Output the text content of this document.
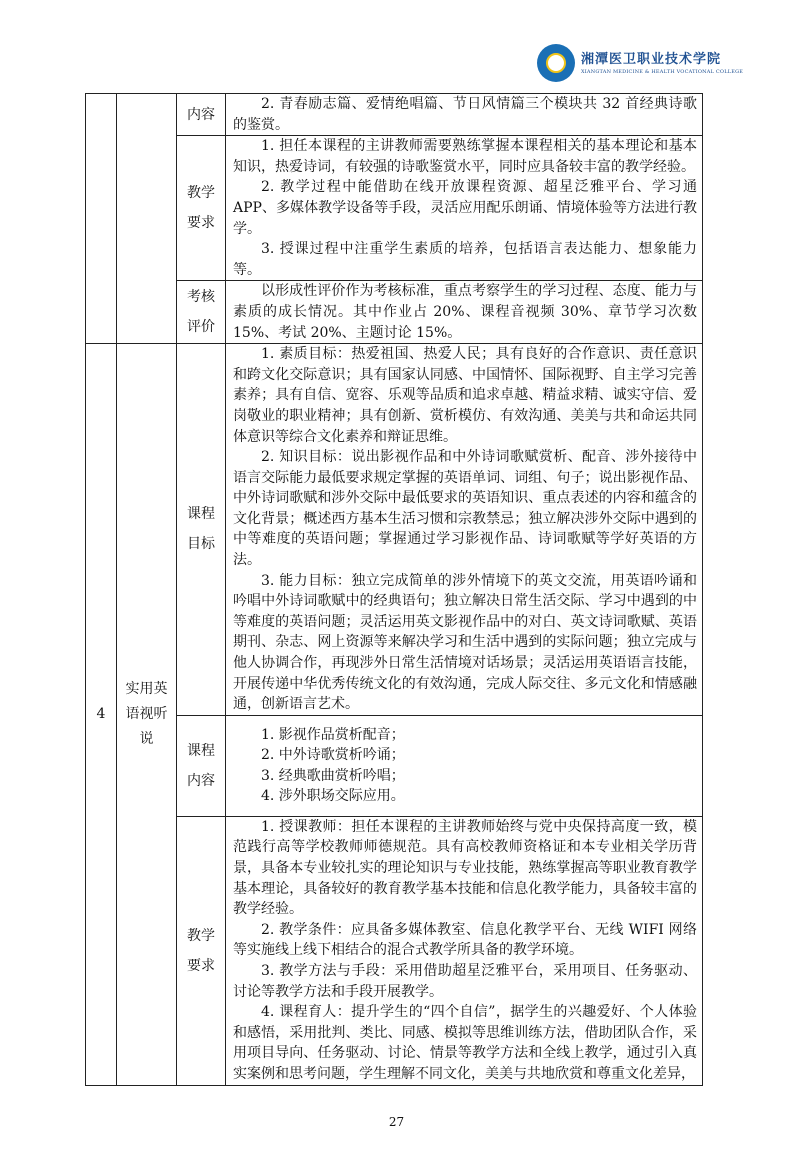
湘潭医卫职业技术学院
XIANGTAN MEDICINE & HEALTH VOCATIONAL COLLEGE

		内容	2. 青春励志篇、爱情绝唱篇、节日风情篇三个模块共 32 首经典诗歌的鉴赏。

		教学要求	1. 担任本课程的主讲教师需要熟练掌握本课程相关的基本理论和基本知识，热爱诗词，有较强的诗歌鉴赏水平，同时应具备较丰富的教学经验。

2. 教学过程中能借助在线开放课程资源、超星泛雅平台、学习通 APP、多媒体教学设备等手段，灵活应用配乐朗诵、情境体验等方法进行教学。

3. 授课过程中注重学生素质的培养，包括语言表达能力、想象能力等。

		考核评价	以形成性评价作为考核标准，重点考察学生的学习过程、态度、能力与素质的成长情况。其中作业占 20%、课程音视频 30%、章节学习次数 15%、考试 20%、主题讨论 15%。

4	实用英语视听说	课程目标	1. 素质目标：热爱祖国、热爱人民；具有良好的合作意识、责任意识和跨文化交际意识；具有国家认同感、中国情怀、国际视野、自主学习完善素养；具有自信、宽容、乐观等品质和追求卓越、精益求精、诚实守信、爱岗敬业的职业精神；具有创新、赏析模仿、有效沟通、美美与共和命运共同体意识等综合文化素养和辩证思维。

2. 知识目标：说出影视作品和中外诗词歌赋赏析、配音、涉外接待中语言交际能力最低要求规定掌握的英语单词、词组、句子；说出影视作品、中外诗词歌赋和涉外交际中最低要求的英语知识、重点表述的内容和蕴含的文化背景；概述西方基本生活习惯和宗教禁忌；独立解决涉外交际中遇到的中等难度的英语问题；掌握通过学习影视作品、诗词歌赋等学好英语的方法。

3. 能力目标：独立完成简单的涉外情境下的英文交流，用英语吟诵和吟唱中外诗词歌赋中的经典语句；独立解决日常生活交际、学习中遇到的中等难度的英语问题；灵活运用英文影视作品中的对白、英文诗词歌赋、英语期刊、杂志、网上资源等来解决学习和生活中遇到的实际问题；独立完成与他人协调合作，再现涉外日常生活情境对话场景；灵活运用英语语言技能，开展传递中华优秀传统文化的有效沟通，完成人际交往、多元文化和情感融通，创新语言艺术。

		课程内容	1. 影视作品赏析配音；

2. 中外诗歌赏析吟诵；

3. 经典歌曲赏析吟唱；

4. 涉外职场交际应用。

		教学要求	1. 授课教师：担任本课程的主讲教师始终与党中央保持高度一致，模范践行高等学校教师师德规范。具有高校教师资格证和本专业相关学历背景，具备本专业较扎实的理论知识与专业技能，熟练掌握高等职业教育教学基本理论，具备较好的教育教学基本技能和信息化教学能力，具备较丰富的教学经验。

2. 教学条件：应具备多媒体教室、信息化教学平台、无线 WIFI 网络等实施线上线下相结合的混合式教学所具备的教学环境。

3. 教学方法与手段：采用借助超星泛雅平台，采用项目、任务驱动、讨论等教学方法和手段开展教学。

4. 课程育人：提升学生的“四个自信”，据学生的兴趣爱好、个人体验和感悟，采用批判、类比、同感、模拟等思维训练方法，借助团队合作，采用项目导向、任务驱动、讨论、情景等教学方法和全线上教学，通过引入真实案例和思考问题，学生理解不同文化，美美与共地欣赏和尊重文化差异，

27
